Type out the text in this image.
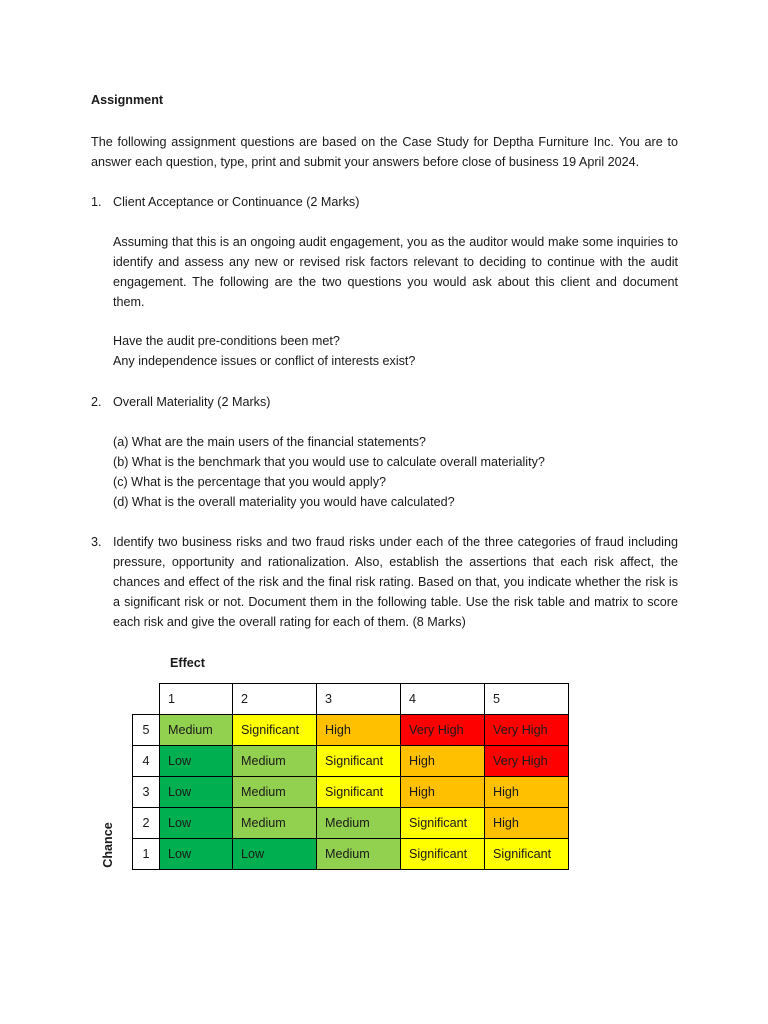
Assignment

The following assignment questions are based on the Case Study for Deptha Furniture Inc. You are to answer each question, type, print and submit your answers before close of business 19 April 2024.

1. Client Acceptance or Continuance (2 Marks)

Assuming that this is an ongoing audit engagement, you as the auditor would make some inquiries to identify and assess any new or revised risk factors relevant to deciding to continue with the audit engagement. The following are the two questions you would ask about this client and document them.

Have the audit pre-conditions been met?
Any independence issues or conflict of interests exist?
2. Overall Materiality (2 Marks)
(a) What are the main users of the financial statements?
(b) What is the benchmark that you would use to calculate overall materiality?
(c) What is the percentage that you would apply?
(d) What is the overall materiality you would have calculated?
3. Identify two business risks and two fraud risks under each of the three categories of fraud including pressure, opportunity and rationalization. Also, establish the assertions that each risk affect, the chances and effect of the risk and the final risk rating. Based on that, you indicate whether the risk is a significant risk or not. Document them in the following table. Use the risk table and matrix to score each risk and give the overall rating for each of them. (8 Marks)

Effect
Chance
	1	2	3	4	5
5	Medium	Significant	High	Very High	Very High
4	Low	Medium	Significant	High	Very High
3	Low	Medium	Significant	High	High
2	Low	Medium	Medium	Significant	High
1	Low	Low	Medium	Significant	Significant
